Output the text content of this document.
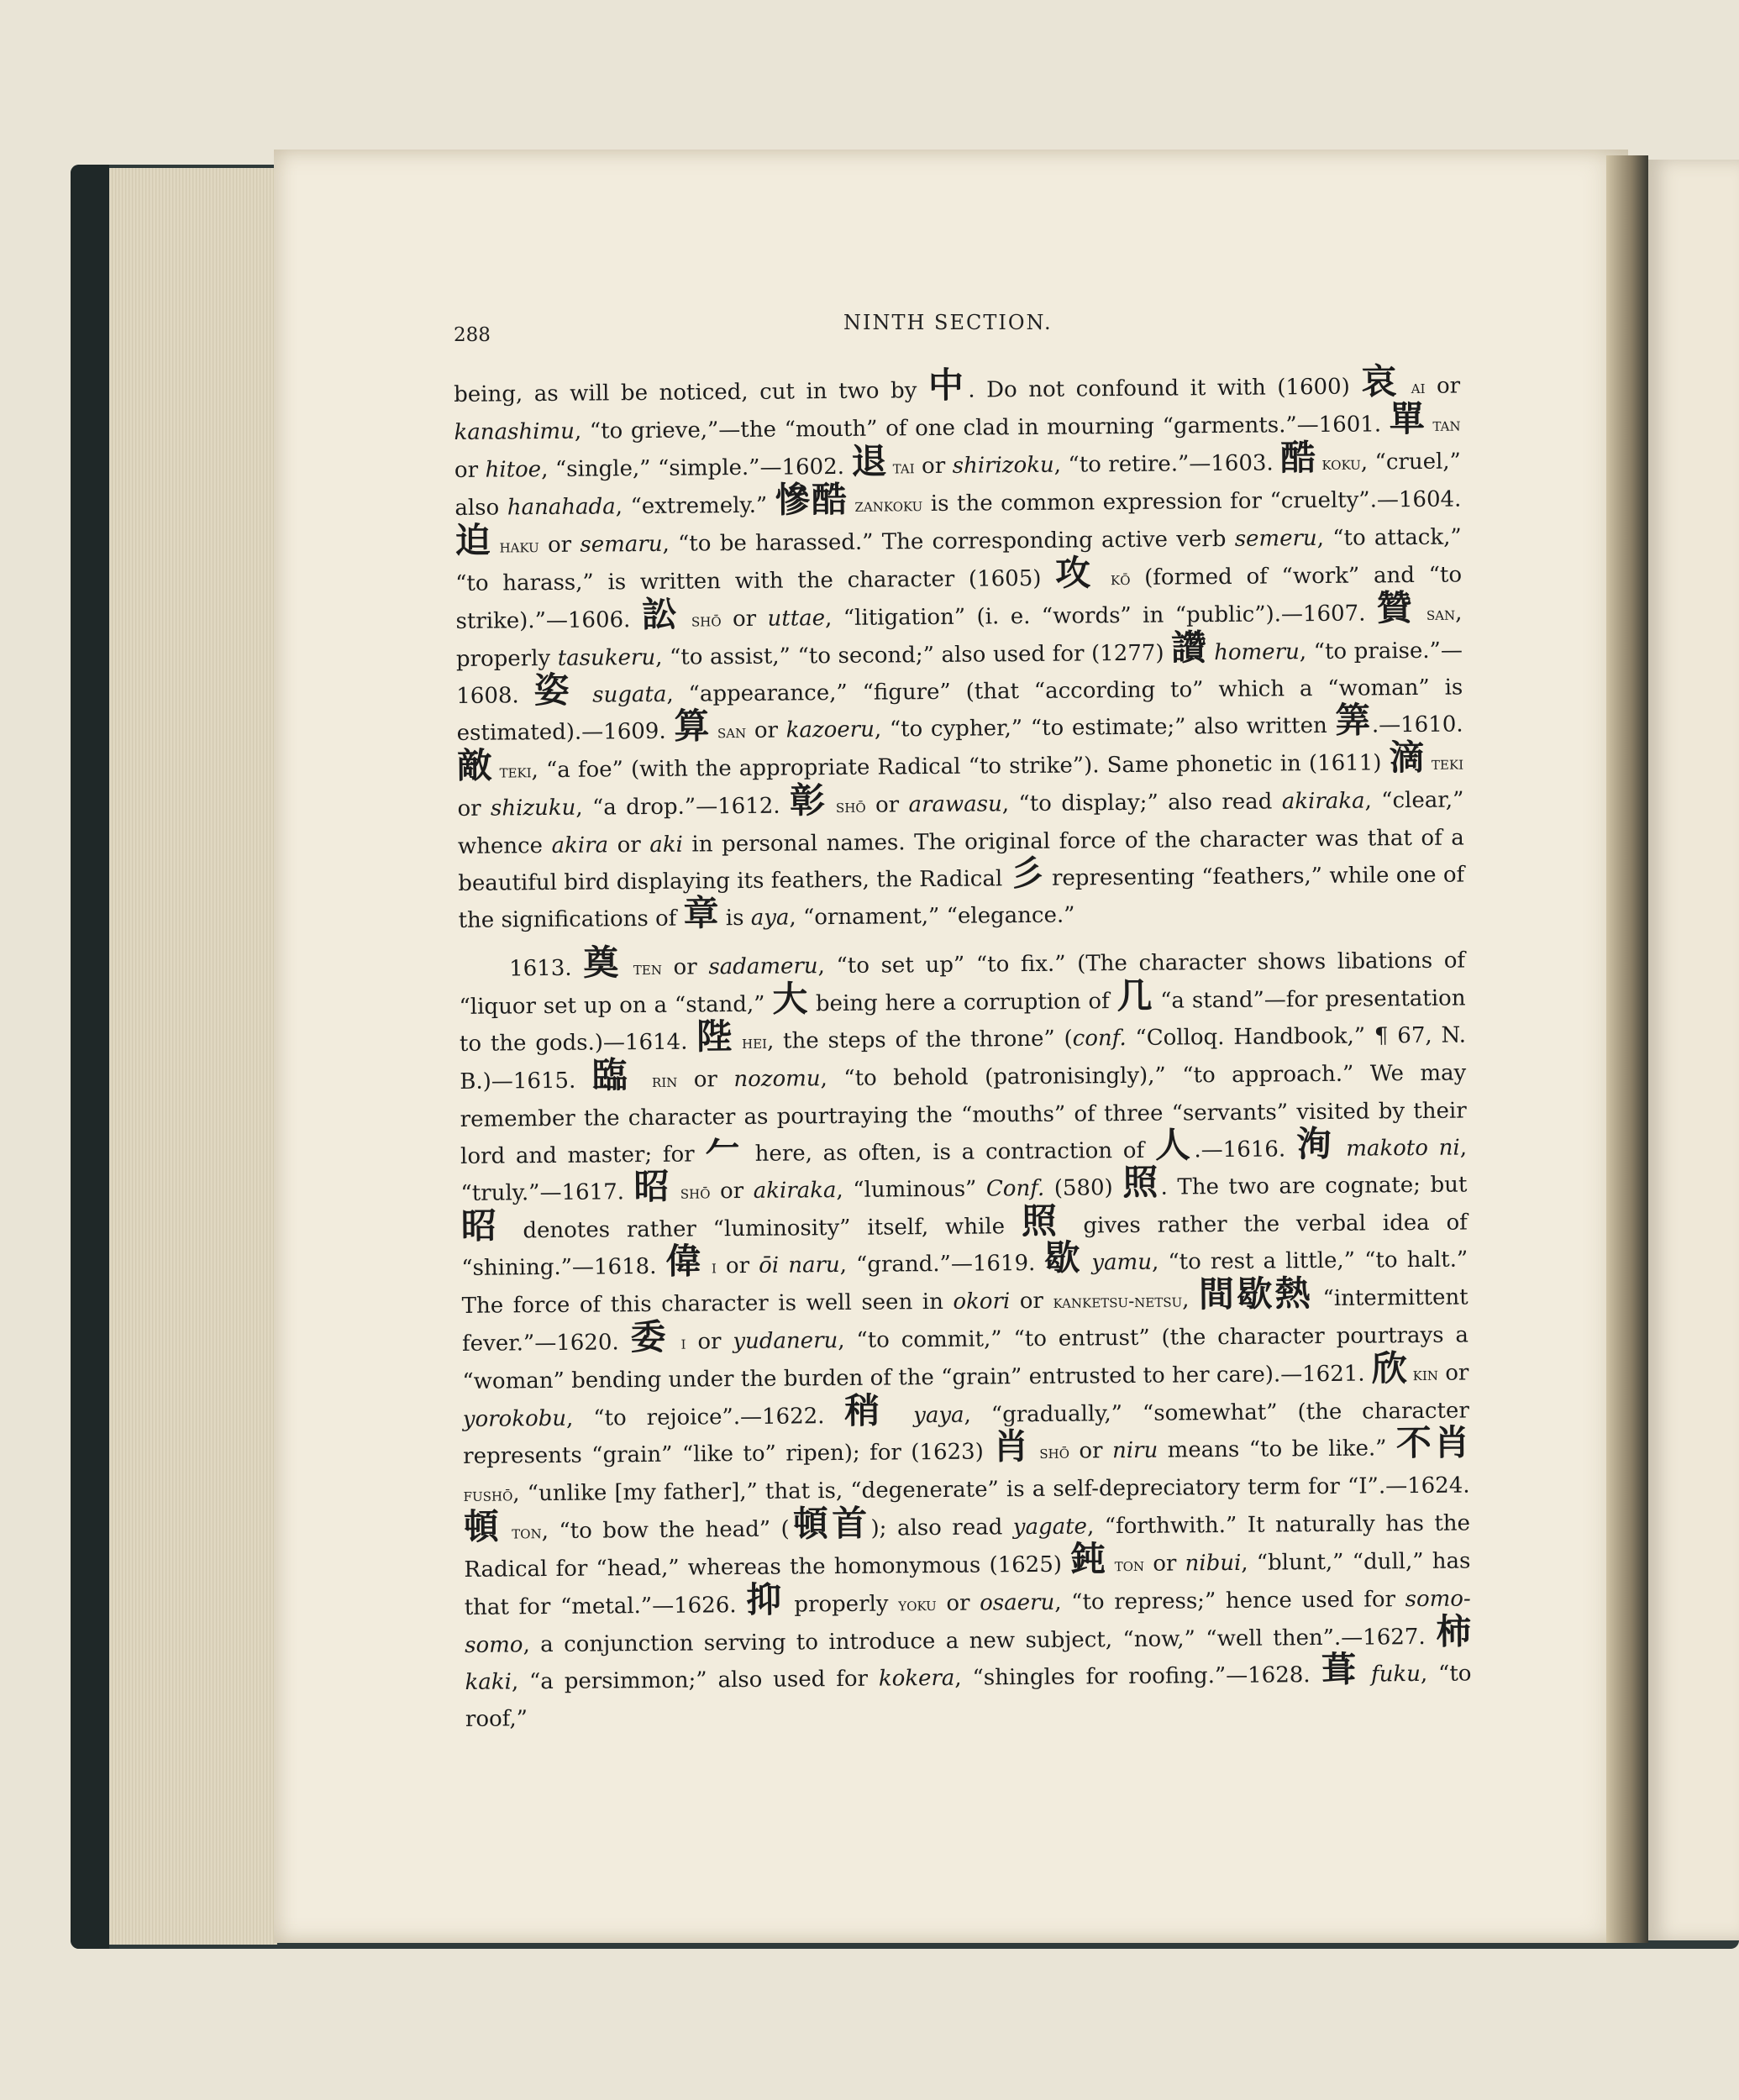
288
NINTH SECTION.

being, as will be noticed, cut in two by 中. Do not confound it with (1600) 哀 ai or kanashimu, “to grieve,”—the “mouth” of one clad in mourning “garments.”—1601. 單 tan or hitoe, “single,” “simple.”—1602. 退 tai or shirizoku, “to retire.”—1603. 酷 koku, “cruel,” also hanahada, “extremely.” 慘酷 zankoku is the common expression for “cruelty”.—1604. 迫 haku or semaru, “to be harassed.” The corresponding active verb semeru, “to attack,” “to harass,” is written with the character (1605) 攻 kō (formed of “work” and “to strike).”—1606. 訟 shō or uttae, “litigation” (i. e. “words” in “public”).—1607. 贊 san, properly tasukeru, “to assist,” “to second;” also used for (1277) 讚 homeru, “to praise.”—1608. 姿 sugata, “appearance,” “figure” (that “according to” which a “woman” is estimated).—1609. 算 san or kazoeru, “to cypher,” “to estimate;” also written 筭.—1610. 敵 teki, “a foe” (with the appropriate Radical “to strike”). Same phonetic in (1611) 滴 teki or shizuku, “a drop.”—1612. 彰 shō or arawasu, “to display;” also read akiraka, “clear,” whence akira or aki in personal names. The original force of the character was that of a beautiful bird displaying its feathers, the Radical 彡 representing “feathers,” while one of the significations of 章 is aya, “ornament,” “elegance.”

1613. 奠 ten or sadameru, “to set up” “to fix.” (The character shows libations of “liquor set up on a “stand,” 大 being here a corruption of 几 “a stand”—for presentation to the gods.)—1614. 陛 hei, the steps of the throne” (conf. “Colloq. Handbook,” ¶ 67, N. B.)—1615. 臨 rin or nozomu, “to behold (patronisingly),” “to approach.” We may remember the character as pourtraying the “mouths” of three “servants” visited by their lord and master; for 𠂉 here, as often, is a contraction of 人.—1616. 洵 makoto ni, “truly.”—1617. 昭 shō or akiraka, “luminous” Conf. (580) 照. The two are cognate; but 昭 denotes rather “luminosity” itself, while 照 gives rather the verbal idea of “shining.”—1618. 偉 i or ōi naru, “grand.”—1619. 歇 yamu, “to rest a little,” “to halt.” The force of this character is well seen in okori or kanketsu-netsu, 間歇熱 “intermittent fever.”—1620. 委 i or yudaneru, “to commit,” “to entrust” (the character pourtrays a “woman” bending under the burden of the “grain” entrusted to her care).—1621. 欣 kin or yorokobu, “to rejoice”.—1622. 稍 yaya, “gradually,” “somewhat” (the character represents “grain” “like to” ripen); for (1623) 肖 shō or niru means “to be like.” 不肖 fushō, “unlike [my father],” that is, “degenerate” is a self-depreciatory term for “I”.—1624. 頓 ton, “to bow the head” (頓首); also read yagate, “forthwith.” It naturally has the Radical for “head,” whereas the homonymous (1625) 鈍 ton or nibui, “blunt,” “dull,” has that for “metal.”—1626. 抑 properly yoku or osaeru, “to repress;” hence used for somo-somo, a conjunction serving to introduce a new subject, “now,” “well then”.—1627. 柿 kaki, “a persimmon;” also used for kokera, “shingles for roofing.”—1628. 葺 fuku, “to roof,”
